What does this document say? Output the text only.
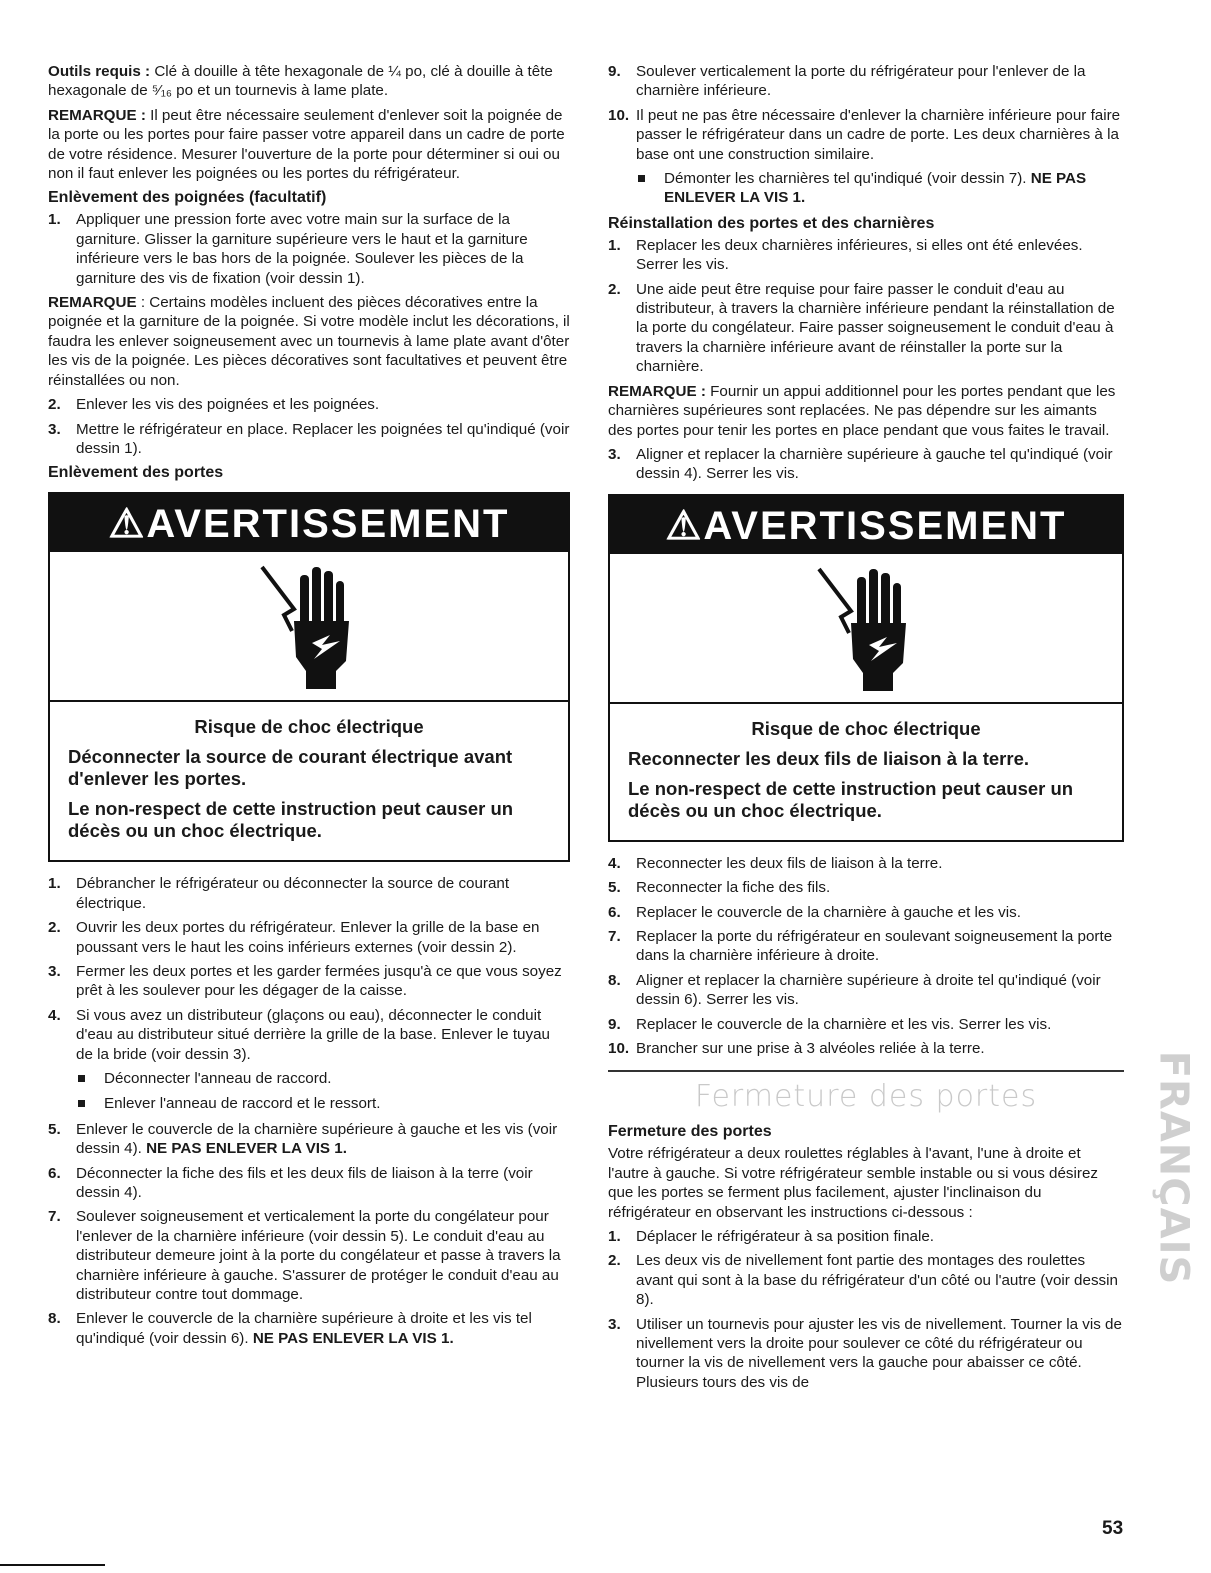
Outils requis : Clé à douille à tête hexagonale de ¼ po, clé à douille à tête hexagonale de ⁵⁄₁₆ po et un tournevis à lame plate.

REMARQUE : Il peut être nécessaire seulement d'enlever soit la poignée de la porte ou les portes pour faire passer votre appareil dans un cadre de porte de votre résidence. Mesurer l'ouverture de la porte pour déterminer si oui ou non il faut enlever les poignées ou les portes du réfrigérateur.

Enlèvement des poignées (facultatif)
1. Appliquer une pression forte avec votre main sur la surface de la garniture. Glisser la garniture supérieure vers le haut et la garniture inférieure vers le bas hors de la poignée. Soulever les pièces de la garniture des vis de fixation (voir dessin 1).

REMARQUE : Certains modèles incluent des pièces décoratives entre la poignée et la garniture de la poignée. Si votre modèle inclut les décorations, il faudra les enlever soigneusement avec un tournevis à lame plate avant d'ôter les vis de la poignée. Les pièces décoratives sont facultatives et peuvent être réinstallées ou non.

2. Enlever les vis des poignées et les poignées.
3. Mettre le réfrigérateur en place. Replacer les poignées tel qu'indiqué (voir dessin 1).
Enlèvement des portes
⚠AVERTISSEMENT
Risque de choc électrique

Déconnecter la source de courant électrique avant d'enlever les portes.

Le non-respect de cette instruction peut causer un décès ou un choc électrique.

1. Débrancher le réfrigérateur ou déconnecter la source de courant électrique.
2. Ouvrir les deux portes du réfrigérateur. Enlever la grille de la base en poussant vers le haut les coins inférieurs externes (voir dessin 2).
3. Fermer les deux portes et les garder fermées jusqu'à ce que vous soyez prêt à les soulever pour les dégager de la caisse.
4. Si vous avez un distributeur (glaçons ou eau), déconnecter le conduit d'eau au distributeur situé derrière la grille de la base. Enlever le tuyau de la bride (voir dessin 3).
Déconnecter l'anneau de raccord.
Enlever l'anneau de raccord et le ressort.
5. Enlever le couvercle de la charnière supérieure à gauche et les vis (voir dessin 4). NE PAS ENLEVER LA VIS 1.
6. Déconnecter la fiche des fils et les deux fils de liaison à la terre (voir dessin 4).
7. Soulever soigneusement et verticalement la porte du congélateur pour l'enlever de la charnière inférieure (voir dessin 5). Le conduit d'eau au distributeur demeure joint à la porte du congélateur et passe à travers la charnière inférieure à gauche. S'assurer de protéger le conduit d'eau au distributeur contre tout dommage.
8. Enlever le couvercle de la charnière supérieure à droite et les vis tel qu'indiqué (voir dessin 6). NE PAS ENLEVER LA VIS 1.
9. Soulever verticalement la porte du réfrigérateur pour l'enlever de la charnière inférieure.
10. Il peut ne pas être nécessaire d'enlever la charnière inférieure pour faire passer le réfrigérateur dans un cadre de porte. Les deux charnières à la base ont une construction similaire.
Démonter les charnières tel qu'indiqué (voir dessin 7). NE PAS ENLEVER LA VIS 1.
Réinstallation des portes et des charnières
1. Replacer les deux charnières inférieures, si elles ont été enlevées. Serrer les vis.
2. Une aide peut être requise pour faire passer le conduit d'eau au distributeur, à travers la charnière inférieure pendant la réinstallation de la porte du congélateur. Faire passer soigneusement le conduit d'eau à travers la charnière inférieure avant de réinstaller la porte sur la charnière.

REMARQUE : Fournir un appui additionnel pour les portes pendant que les charnières supérieures sont replacées. Ne pas dépendre sur les aimants des portes pour tenir les portes en place pendant que vous faites le travail.

3. Aligner et replacer la charnière supérieure à gauche tel qu'indiqué (voir dessin 4). Serrer les vis.
⚠AVERTISSEMENT
Risque de choc électrique

Reconnecter les deux fils de liaison à la terre.

Le non-respect de cette instruction peut causer un décès ou un choc électrique.

4. Reconnecter les deux fils de liaison à la terre.
5. Reconnecter la fiche des fils.
6. Replacer le couvercle de la charnière à gauche et les vis.
7. Replacer la porte du réfrigérateur en soulevant soigneusement la porte dans la charnière inférieure à droite.
8. Aligner et replacer la charnière supérieure à droite tel qu'indiqué (voir dessin 6). Serrer les vis.
9. Replacer le couvercle de la charnière et les vis. Serrer les vis.
10. Brancher sur une prise à 3 alvéoles reliée à la terre.
Fermeture des portes
Fermeture des portes

Votre réfrigérateur a deux roulettes réglables à l'avant, l'une à droite et l'autre à gauche. Si votre réfrigérateur semble instable ou si vous désirez que les portes se ferment plus facilement, ajuster l'inclinaison du réfrigérateur en observant les instructions ci-dessous :

1. Déplacer le réfrigérateur à sa position finale.
2. Les deux vis de nivellement font partie des montages des roulettes avant qui sont à la base du réfrigérateur d'un côté ou l'autre (voir dessin 8).
3. Utiliser un tournevis pour ajuster les vis de nivellement. Tourner la vis de nivellement vers la droite pour soulever ce côté du réfrigérateur ou tourner la vis de nivellement vers la gauche pour abaisser ce côté. Plusieurs tours des vis de
FRANÇAIS
53
